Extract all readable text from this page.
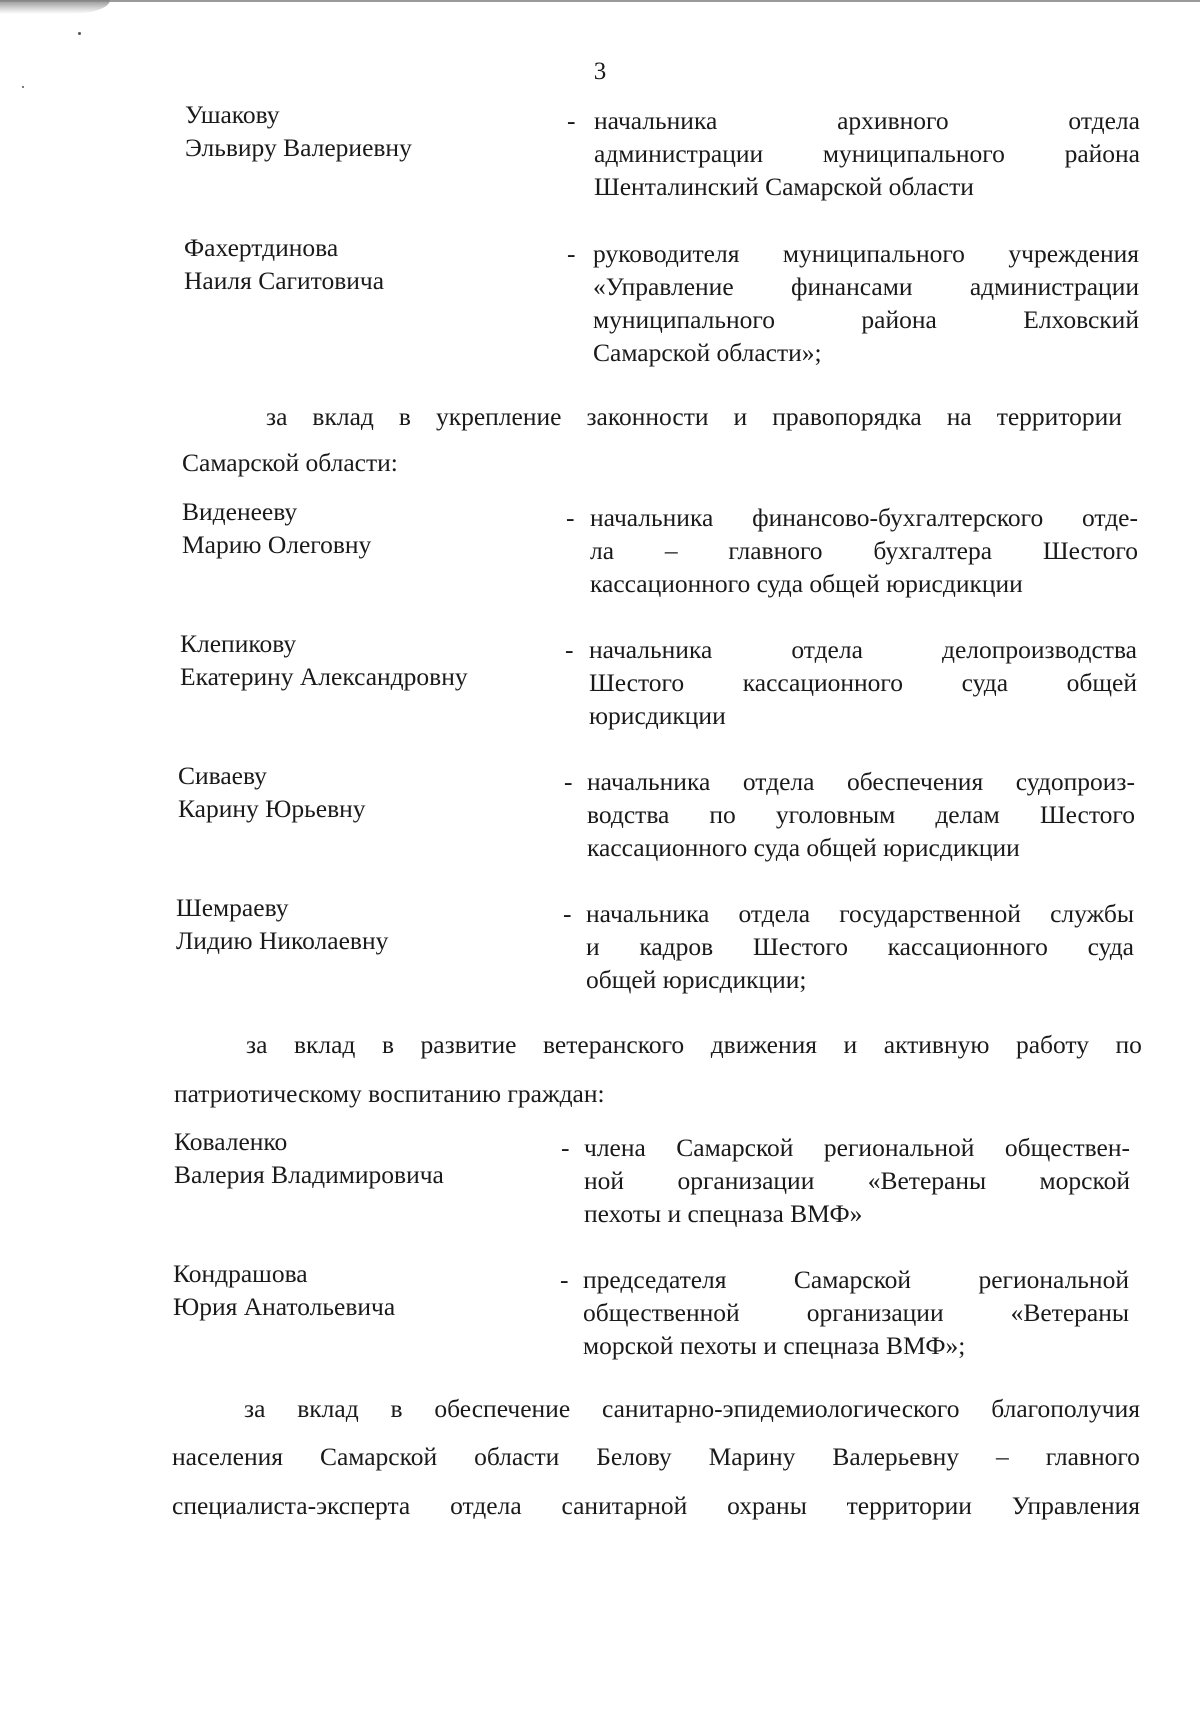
3
Ушакову
Эльвиру Валериевну
- начальника	архивного	отдела
администрации муниципального района
Шенталинский Самарской области
Фахертдинова
Наиля Сагитовича
- руководителя муниципального учреждения
«Управление финансами администрации
муниципального	района	Елховский
Самарской области»;
за вклад в укрепление законности и правопорядка на территории
Самарской области:
Виденееву
Марию Олеговну
- начальника финансово-бухгалтерского отде-
ла – главного бухгалтера Шестого
кассационного суда общей юрисдикции
Клепикову
Екатерину Александровну
- начальника	отдела	делопроизводства
Шестого кассационного суда общей
юрисдикции
Сиваеву
Карину Юрьевну
- начальника отдела обеспечения судопроиз-
водства по уголовным делам Шестого
кассационного суда общей юрисдикции
Шемраеву
Лидию Николаевну
- начальника отдела государственной службы
и кадров Шестого кассационного суда
общей юрисдикции;
за вклад в развитие ветеранского движения и активную работу по
патриотическому воспитанию граждан:
Коваленко
Валерия Владимировича
- члена Самарской региональной обществен-
ной организации «Ветераны морской
пехоты и спецназа ВМФ»
Кондрашова
Юрия Анатольевича
- председателя	Самарской	региональной
общественной	организации	«Ветераны
морской пехоты и спецназа ВМФ»;
за вклад в обеспечение санитарно-эпидемиологического благополучия
населения Самарской области Белову Марину Валерьевну – главного
специалиста-эксперта отдела санитарной охраны территории Управления
